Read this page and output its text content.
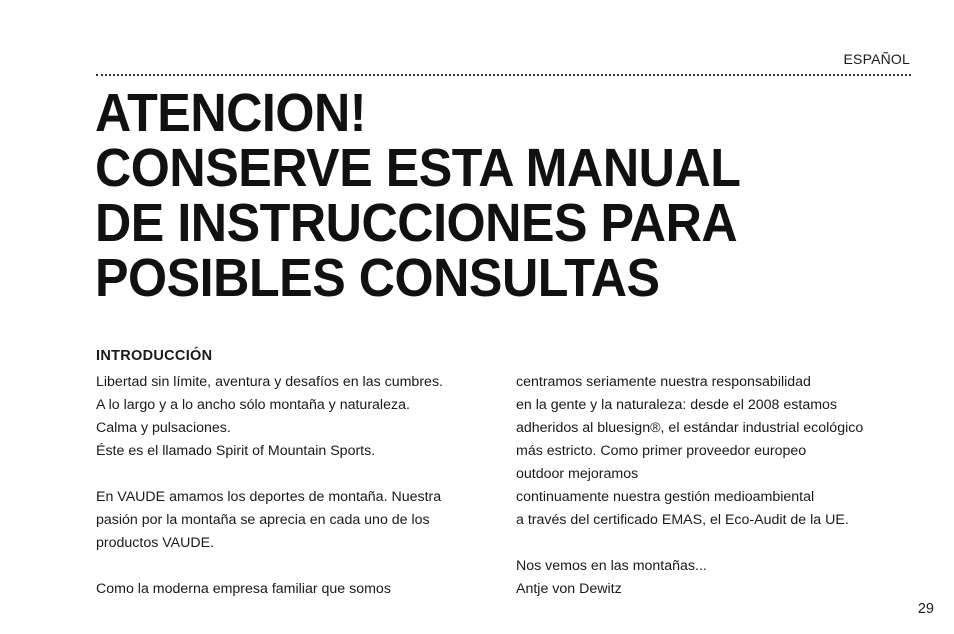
ESPAÑOL
ATENCION!
CONSERVE ESTA MANUAL
DE INSTRUCCIONES PARA
POSIBLES CONSULTAS
INTRODUCCIÓN
Libertad sin límite, aventura y desafíos en las cumbres.
A lo largo y a lo ancho sólo montaña y naturaleza.
Calma y pulsaciones.
Éste es el llamado Spirit of Mountain Sports.
En VAUDE amamos los deportes de montaña. Nuestra
pasión por la montaña se aprecia en cada uno de los
productos VAUDE.
Como la moderna empresa familiar que somos
centramos seriamente nuestra responsabilidad
en la gente y la naturaleza: desde el 2008 estamos
adheridos al bluesign®, el estándar industrial ecológico
más estricto. Como primer proveedor europeo
outdoor mejoramos
continuamente nuestra gestión medioambiental
a través del certificado EMAS, el Eco-Audit de la UE.
Nos vemos en las montañas...
Antje von Dewitz
29
